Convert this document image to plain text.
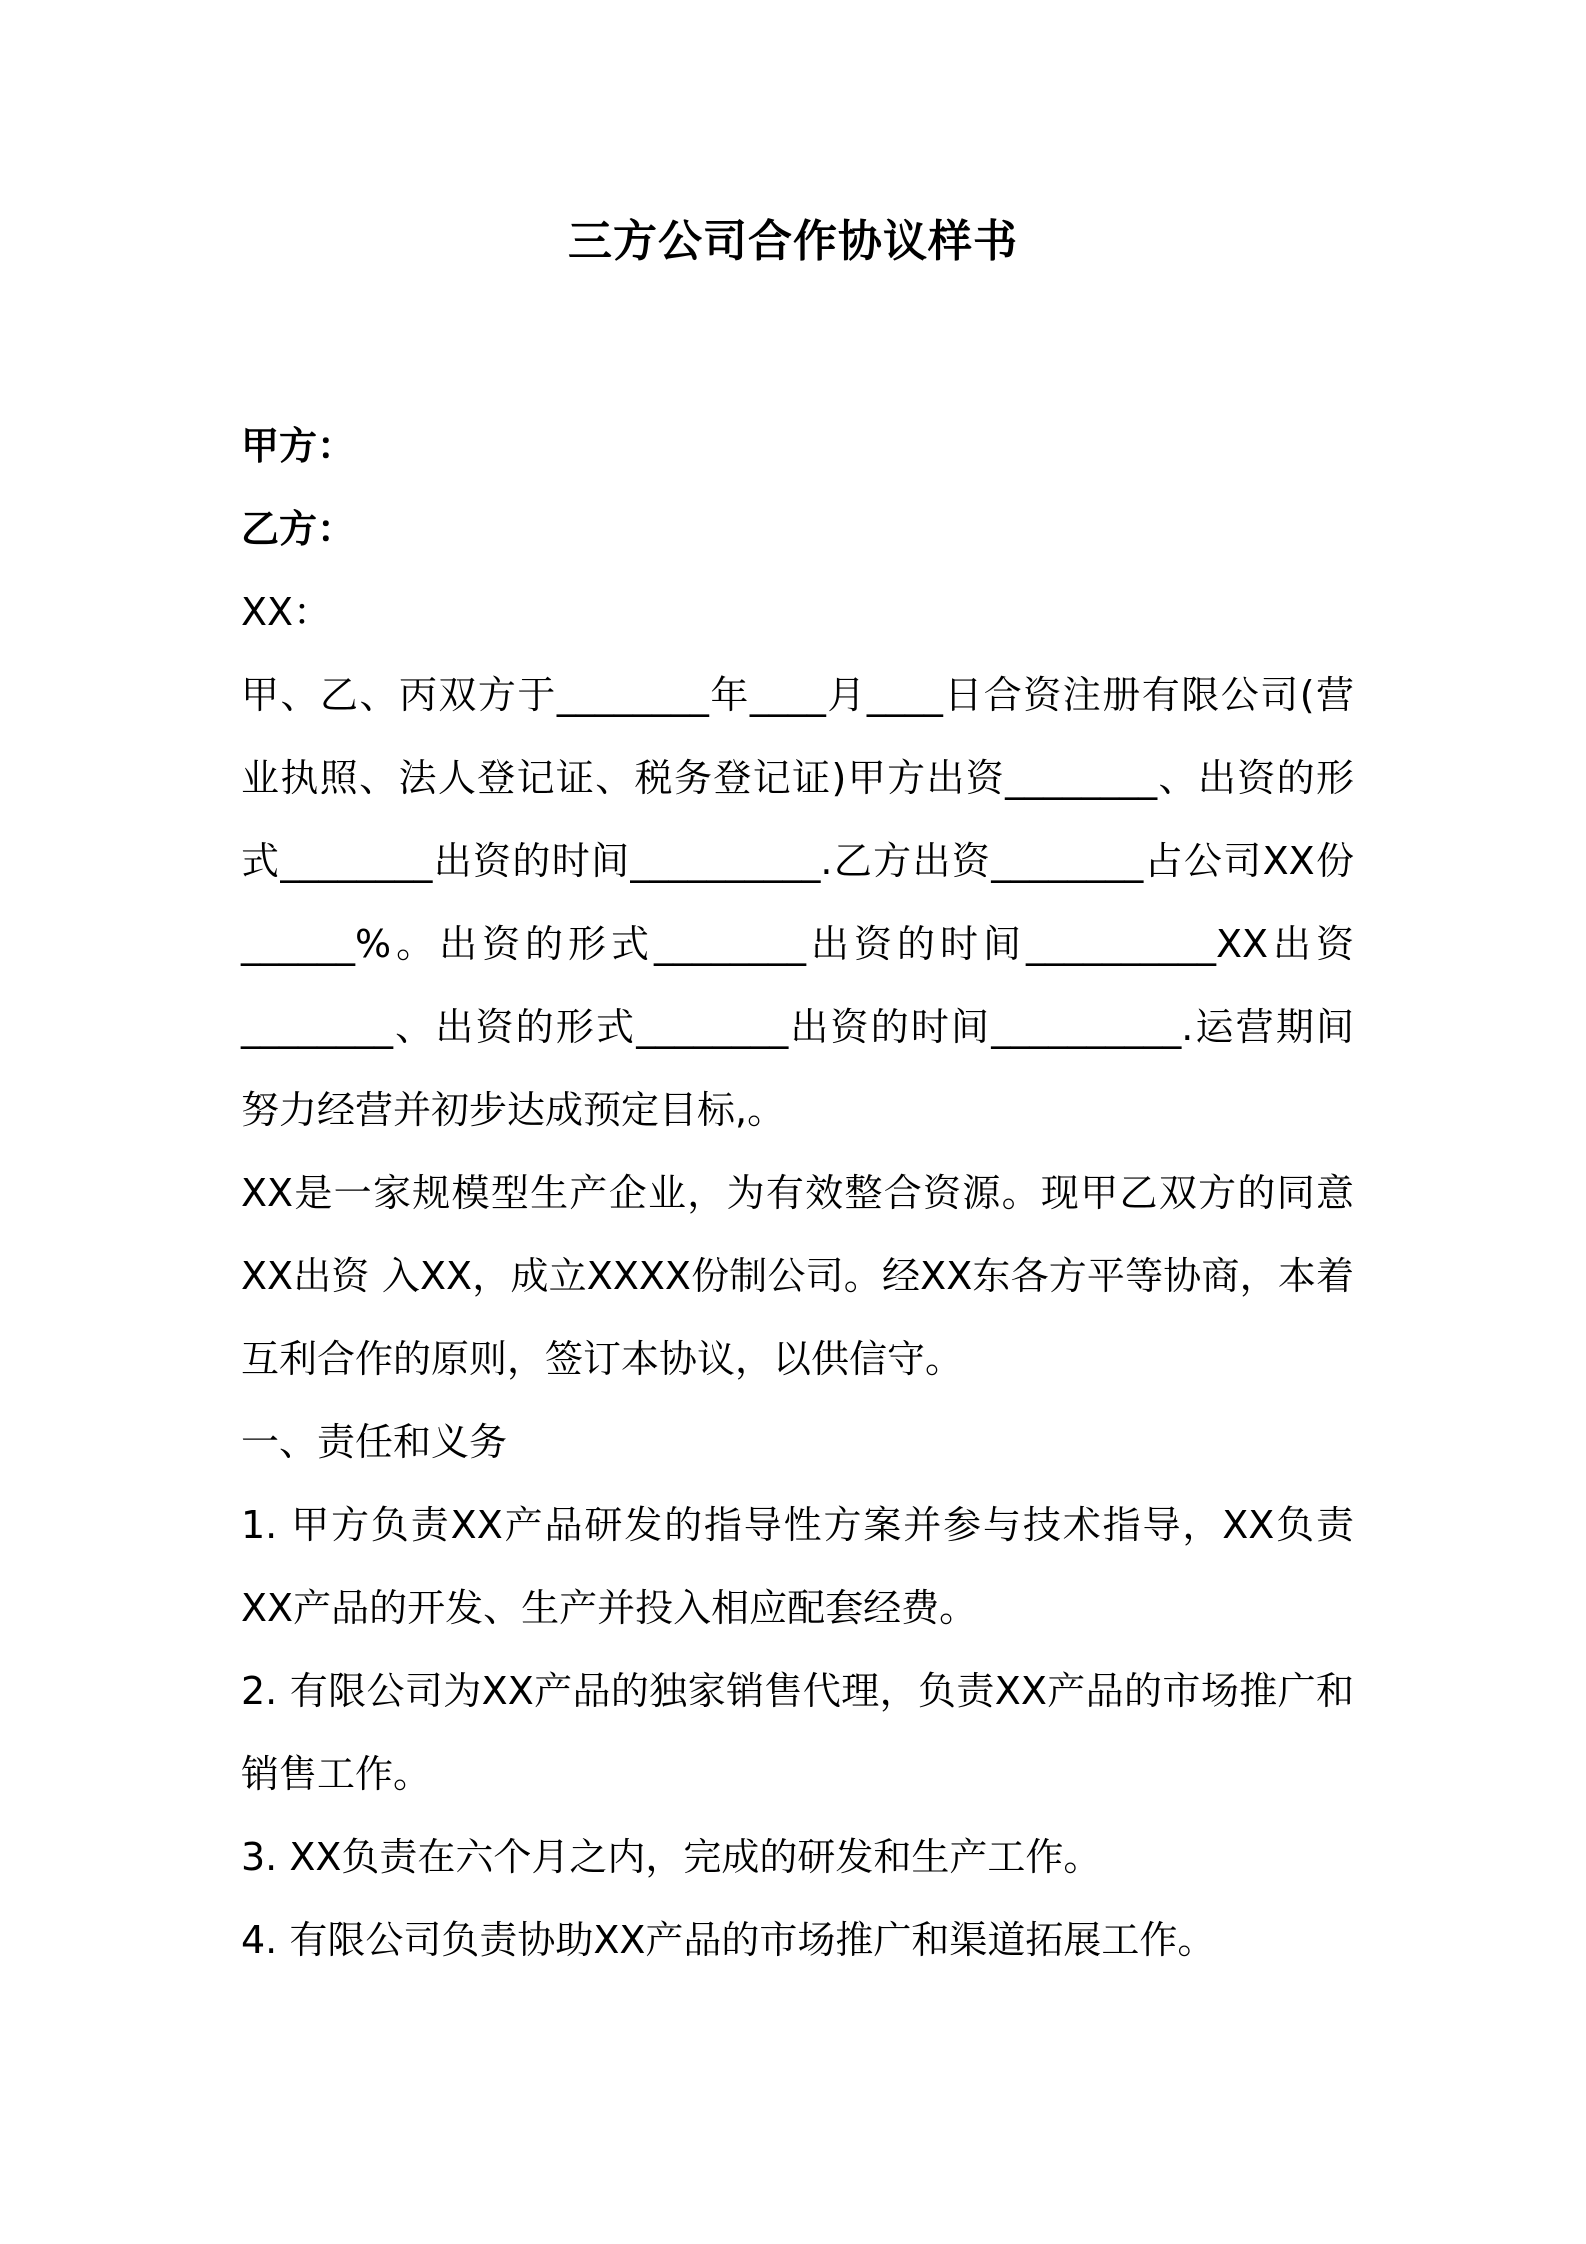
三方公司合作协议样书

甲方：

乙方：

XX：

甲、乙、丙双方于________年____月____日合资注册有限公司(营业执照、法人登记证、税务登记证)甲方出资________、出资的形式________出资的时间__________.乙方出资________占公司XX份______%。出资的形式________出资的时间__________XX出资________、出资的形式________出资的时间__________.运营期间努力经营并初步达成预定目标,。

XX是一家规模型生产企业，为有效整合资源。现甲乙双方的同意XX出资 入XX，成立XXXX份制公司。经XX东各方平等协商，本着互利合作的原则，签订本协议，以供信守。

一、责任和义务

1. 甲方负责XX产品研发的指导性方案并参与技术指导，XX负责XX产品的开发、生产并投入相应配套经费。

2. 有限公司为XX产品的独家销售代理，负责XX产品的市场推广和销售工作。

3. XX负责在六个月之内，完成的研发和生产工作。

4. 有限公司负责协助XX产品的市场推广和渠道拓展工作。
